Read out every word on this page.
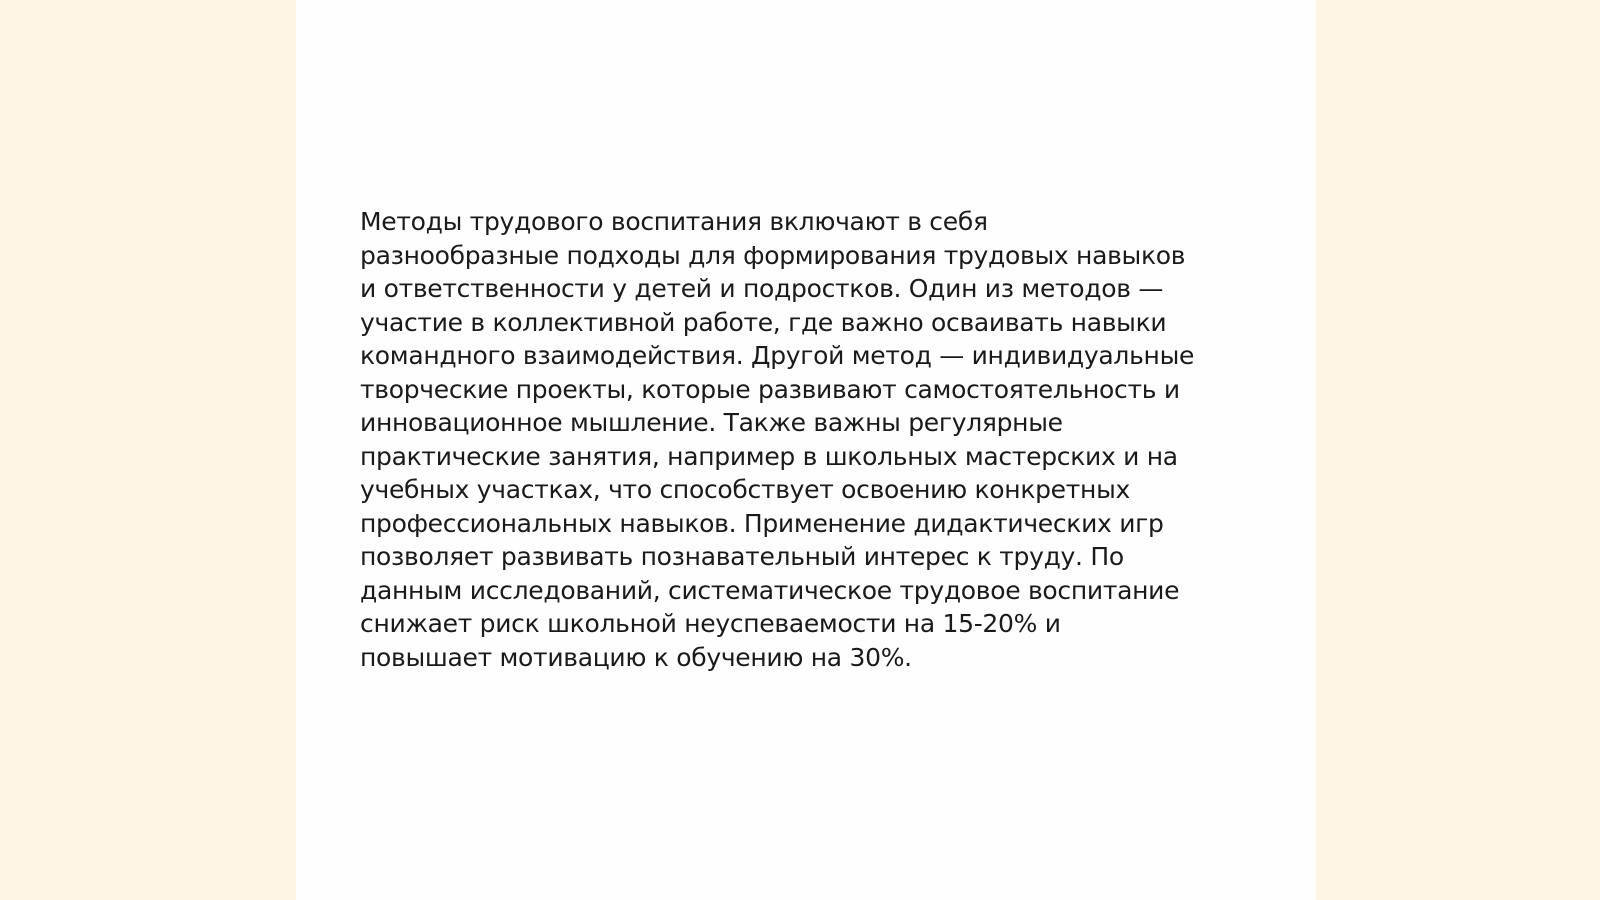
Методы трудового воспитания включают в себя
разнообразные подходы для формирования трудовых навыков
и ответственности у детей и подростков. Один из методов —
участие в коллективной работе, где важно осваивать навыки
командного взаимодействия. Другой метод — индивидуальные
творческие проекты, которые развивают самостоятельность и
инновационное мышление. Также важны регулярные
практические занятия, например в школьных мастерских и на
учебных участках, что способствует освоению конкретных
профессиональных навыков. Применение дидактических игр
позволяет развивать познавательный интерес к труду. По
данным исследований, систематическое трудовое воспитание
снижает риск школьной неуспеваемости на 15-20% и
повышает мотивацию к обучению на 30%.
